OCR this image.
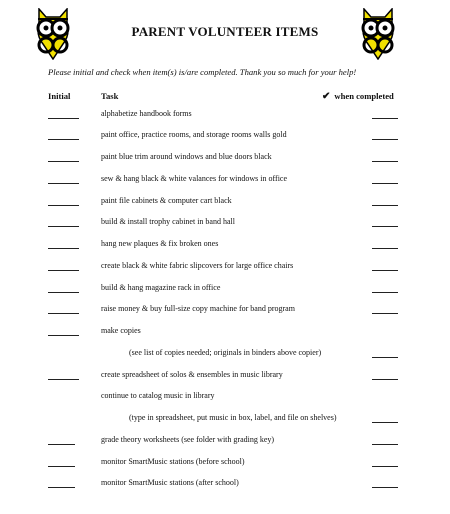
PARENT VOLUNTEER ITEMS
Please initial and check when item(s) is/are completed. Thank you so much for your help!
Initial	Task	✔ when completed
alphabetize handbook forms
paint office, practice rooms, and storage rooms walls gold
paint blue trim around windows and blue doors black
sew & hang black & white valances for windows in office
paint file cabinets & computer cart black
build & install trophy cabinet in band hall
hang new plaques & fix broken ones
create black & white fabric slipcovers for large office chairs
build & hang magazine rack in office
raise money & buy full-size copy machine for band program
make copies
(see list of copies needed; originals in binders above copier)
create spreadsheet of solos & ensembles in music library
continue to catalog music in library
(type in spreadsheet, put music in box, label, and file on shelves)
grade theory worksheets (see folder with grading key)
monitor SmartMusic stations (before school)
monitor SmartMusic stations (after school)
